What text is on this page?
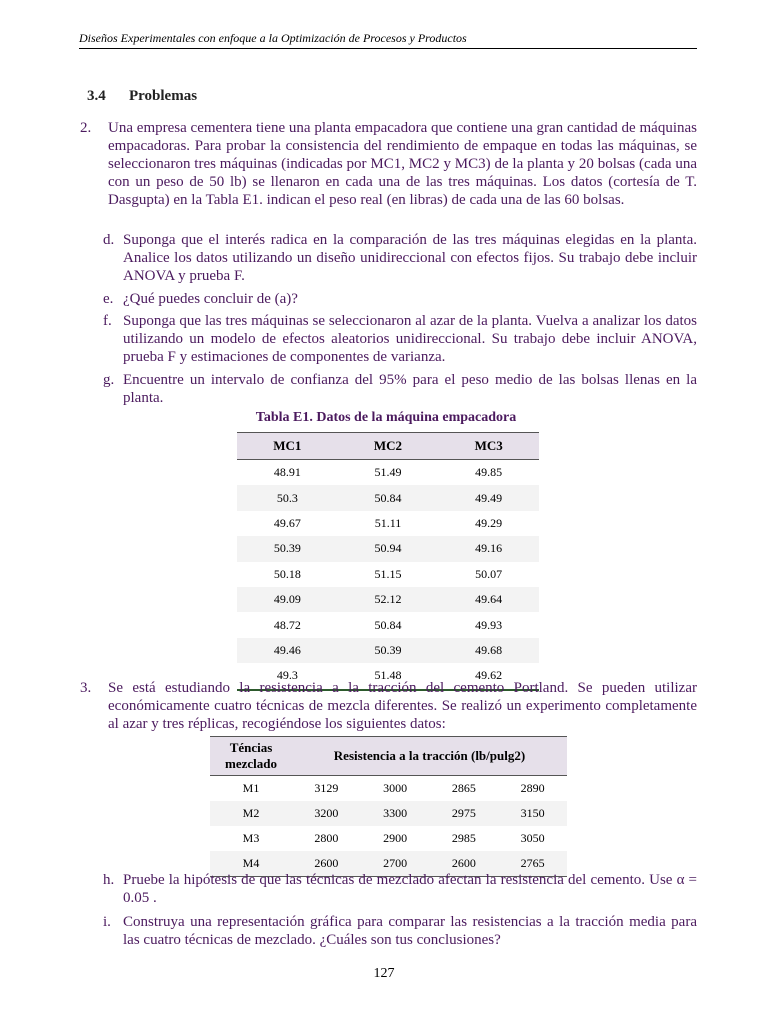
Diseños Experimentales con enfoque a la Optimización de Procesos y Productos
3.4 Problemas
2. Una empresa cementera tiene una planta empacadora que contiene una gran cantidad de máquinas empacadoras. Para probar la consistencia del rendimiento de empaque en todas las máquinas, se seleccionaron tres máquinas (indicadas por MC1, MC2 y MC3) de la planta y 20 bolsas (cada una con un peso de 50 lb) se llenaron en cada una de las tres máquinas. Los datos (cortesía de T. Dasgupta) en la Tabla E1. indican el peso real (en libras) de cada una de las 60 bolsas.
d. Suponga que el interés radica en la comparación de las tres máquinas elegidas en la planta. Analice los datos utilizando un diseño unidireccional con efectos fijos. Su trabajo debe incluir ANOVA y prueba F.
e. ¿Qué puedes concluir de (a)?
f. Suponga que las tres máquinas se seleccionaron al azar de la planta. Vuelva a analizar los datos utilizando un modelo de efectos aleatorios unidireccional. Su trabajo debe incluir ANOVA, prueba F y estimaciones de componentes de varianza.
g. Encuentre un intervalo de confianza del 95% para el peso medio de las bolsas llenas en la planta.
Tabla E1. Datos de la máquina empacadora
MC1	MC2	MC3
48.91	51.49	49.85
50.3	50.84	49.49
49.67	51.11	49.29
50.39	50.94	49.16
50.18	51.15	50.07
49.09	52.12	49.64
48.72	50.84	49.93
49.46	50.39	49.68
49.3	51.48	49.62
3. Se está estudiando la resistencia a la tracción del cemento Portland. Se pueden utilizar económicamente cuatro técnicas de mezcla diferentes. Se realizó un experimento completamente al azar y tres réplicas, recogiéndose los siguientes datos:
Téncias mezclado	Resistencia a la tracción (lb/pulg2)			
M1	3129	3000	2865	2890
M2	3200	3300	2975	3150
M3	2800	2900	2985	3050
M4	2600	2700	2600	2765
h. Pruebe la hipótesis de que las técnicas de mezclado afectan la resistencia del cemento. Use α = 0.05 .
i. Construya una representación gráfica para comparar las resistencias a la tracción media para las cuatro técnicas de mezclado. ¿Cuáles son tus conclusiones?
127
